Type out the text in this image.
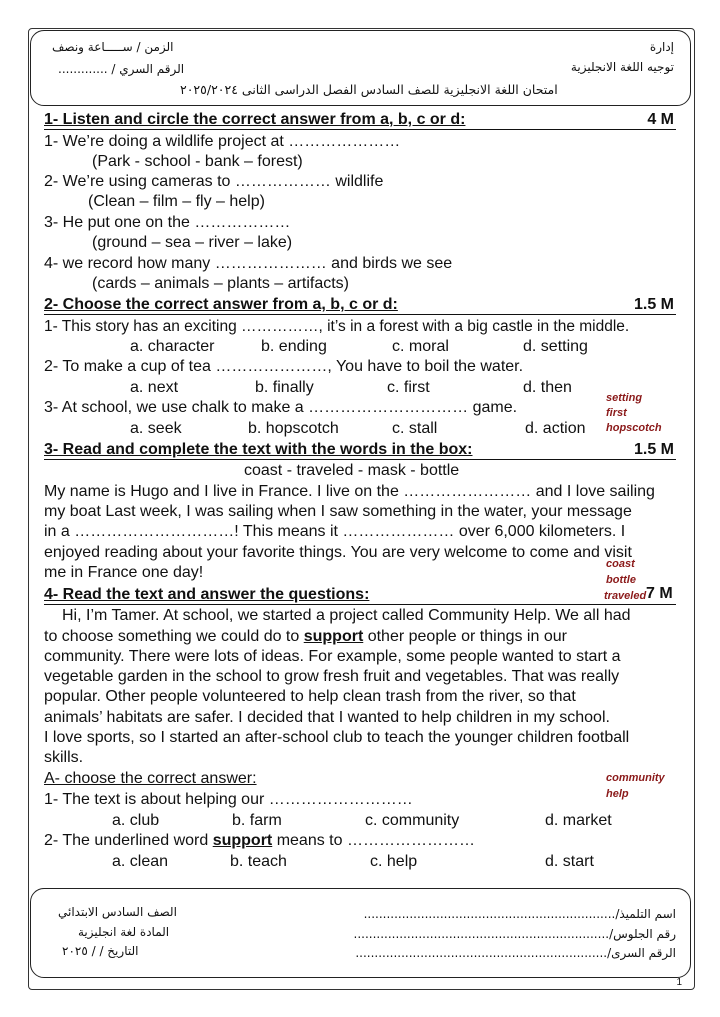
إدارة
توجيه اللغة الانجليزية
الزمن / ســـــاعة ونصف
الرقم السري / .............
امتحان اللغة الانجليزية للصف السادس الفصل الدراسى الثانى ٢٠٢٥/٢٠٢٤
1- Listen and circle the correct answer from a, b, c or d:	4 M
1- We’re doing a wildlife project at …………………
(Park - school - bank – forest)
2- We’re using cameras to ……………… wildlife
(Clean – film – fly – help)
3- He put one on the ………………
(ground – sea – river – lake)
4- we record how many ………………… and birds we see
(cards – animals – plants – artifacts)
2- Choose the correct answer from a, b, c or d:	1.5 M
1- This story has an exciting ……………, it’s in a forest with a big castle in the middle.
a. character	b. ending	c. moral	d. setting
2- To make a cup of tea …………………, You have to boil the water.
a. next	b. finally	c. first	d. then
3- At school, we use chalk to make a ………………………… game.
a. seek	b. hopscotch	c. stall	d. action
setting
first
hopscotch
3- Read and complete the text with the words in the box:	1.5 M
coast - traveled - mask - bottle
My name is Hugo and I live in France. I live on the …………………… and I love sailing
my boat Last week, I was sailing when I saw something in the water, your message
in a …………………………! This means it ………………… over 6,000 kilometers. I
enjoyed reading about your favorite things. You are very welcome to come and visit
me in France one day!	coast
bottle
traveled
4- Read the text and answer the questions:	7 M
Hi, I’m Tamer. At school, we started a project called Community Help. We all had
to choose something we could do to support other people or things in our
community. There were lots of ideas. For example, some people wanted to start a
vegetable garden in the school to grow fresh fruit and vegetables. That was really
popular. Other people volunteered to help clean trash from the river, so that
animals’ habitats are safer. I decided that I wanted to help children in my school.
I love sports, so I started an after-school club to teach the younger children football
skills.
A- choose the correct answer:
1- The text is about helping our ………………………
a. club	b. farm	c. community	d. market
2- The underlined word support means to ……………………
a. clean	b. teach	c. help	d. start
community
help
اسم التلميذ/..................................................................
رقم الجلوس/...................................................................
الرقم السرى/..................................................................
الصف السادس الابتدائي
المادة لغة انجليزية
التاريخ / / ٢٠٢٥
1
